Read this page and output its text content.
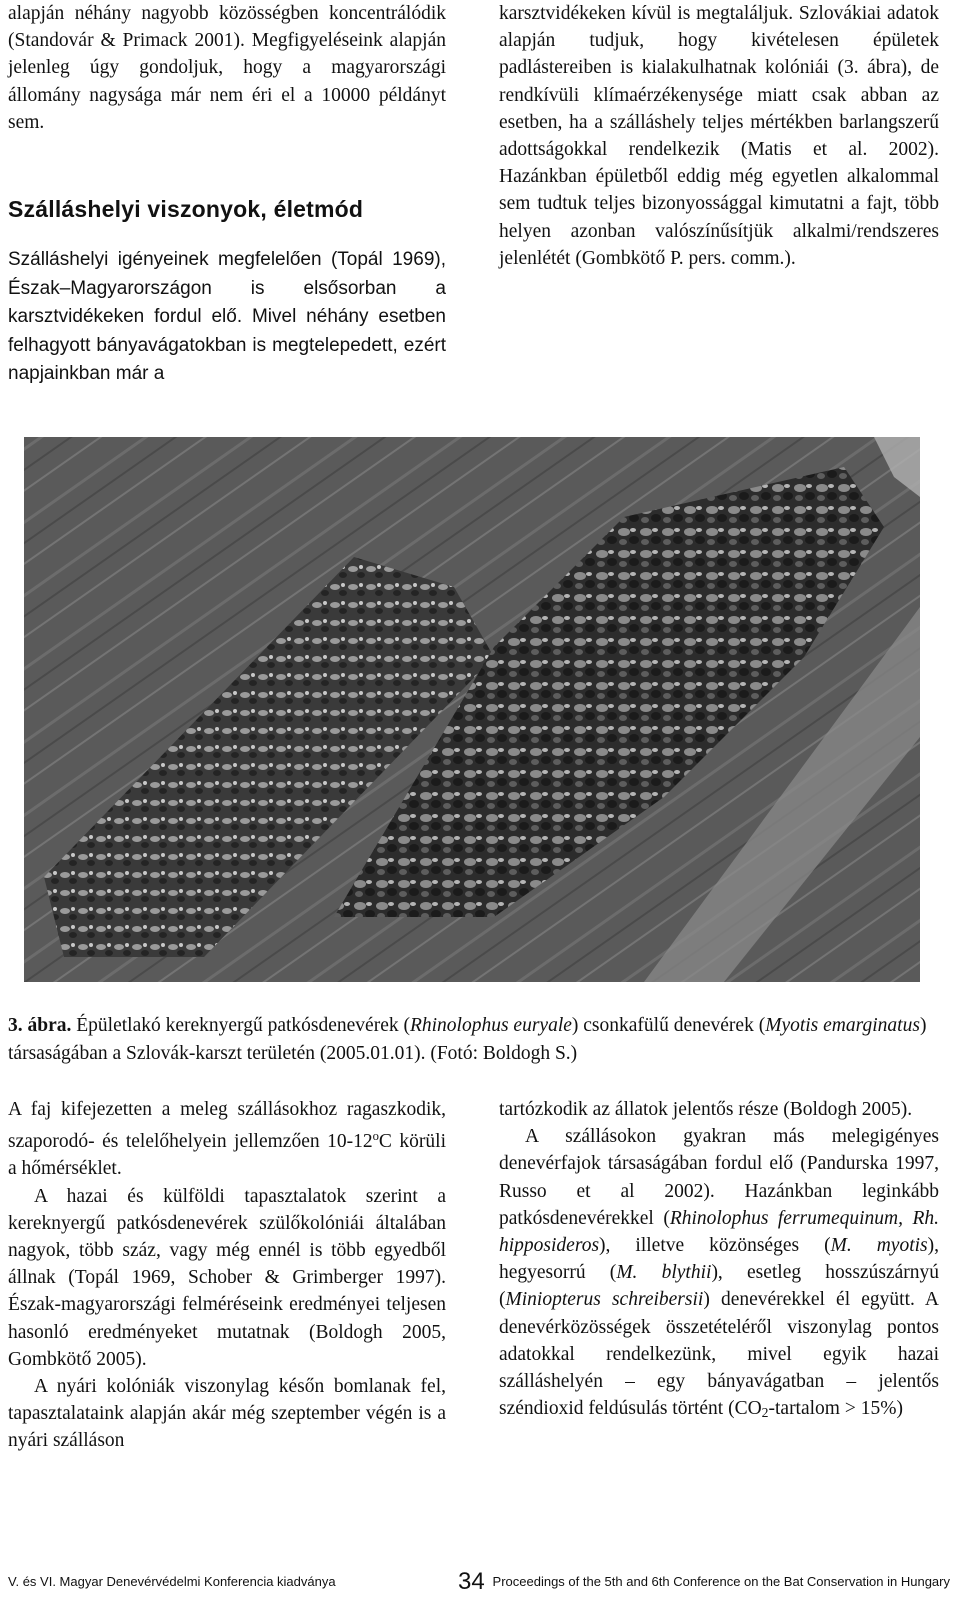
alapján néhány nagyobb közösségben koncentrálódik (Standovár & Primack 2001). Megfigyeléseink alapján jelenleg úgy gondoljuk, hogy a magyarországi állomány nagysága már nem éri el a 10000 példányt sem.

Szálláshelyi viszonyok, életmód

Szálláshelyi igényeinek megfelelően (Topál 1969), Észak–Magyarországon is elsősorban a karsztvidékeken fordul elő. Mivel néhány esetben felhagyott bányavágatokban is megtelepedett, ezért napjainkban már a

karsztvidékeken kívül is megtaláljuk. Szlovákiai adatok alapján tudjuk, hogy kivételesen épületek padlástereiben is kialakulhatnak kolóniái (3. ábra), de rendkívüli klímaérzékenysége miatt csak abban az esetben, ha a szálláshely teljes mértékben barlangszerű adottságokkal rendelkezik (Matis et al. 2002). Hazánkban épületből eddig még egyetlen alkalommal sem tudtuk teljes bizonyossággal kimutatni a fajt, több helyen azonban valószínűsítjük alkalmi/rendszeres jelenlétét (Gombkötő P. pers. comm.).

3. ábra. Épületlakó kereknyergű patkósdenevérek (Rhinolophus euryale) csonkafülű denevérek (Myotis emarginatus) társaságában a Szlovák-karszt területén (2005.01.01). (Fotó: Boldogh S.)

A faj kifejezetten a meleg szállásokhoz ragaszkodik, szaporodó- és telelőhelyein jellemzően 10-12$^o$C körüli a hőmérséklet.

A hazai és külföldi tapasztalatok szerint a kereknyergű patkósdenevérek szülőkolóniái általában nagyok, több száz, vagy még ennél is több egyedből állnak (Topál 1969, Schober & Grimberger 1997). Észak-magyarországi felméréseink eredményei teljesen hasonló eredményeket mutatnak (Boldogh 2005, Gombkötő 2005).

A nyári kolóniák viszonylag későn bomlanak fel, tapasztalataink alapján akár még szeptember végén is a nyári szálláson

tartózkodik az állatok jelentős része (Boldogh 2005).

A szállásokon gyakran más melegigényes denevérfajok társaságában fordul elő (Pandurska 1997, Russo et al 2002). Hazánkban leginkább patkósdenevérekkel (Rhinolophus ferrumequinum, Rh. hipposideros), illetve közönséges (M. myotis), hegyesorrú (M. blythii), esetleg hosszúszárnyú (Miniopterus schreibersii) denevérekkel él együtt. A denevérközösségek összetételéről viszonylag pontos adatokkal rendelkezünk, mivel egyik hazai szálláshelyén – egy bányavágatban – jelentős széndioxid feldúsulás történt ($CO_2$-tartalom > 15%)

V. és VI. Magyar Denevérvédelmi Konferencia kiadványa	34 Proceedings of the 5th and 6th Conference on the Bat Conservation in Hungary
